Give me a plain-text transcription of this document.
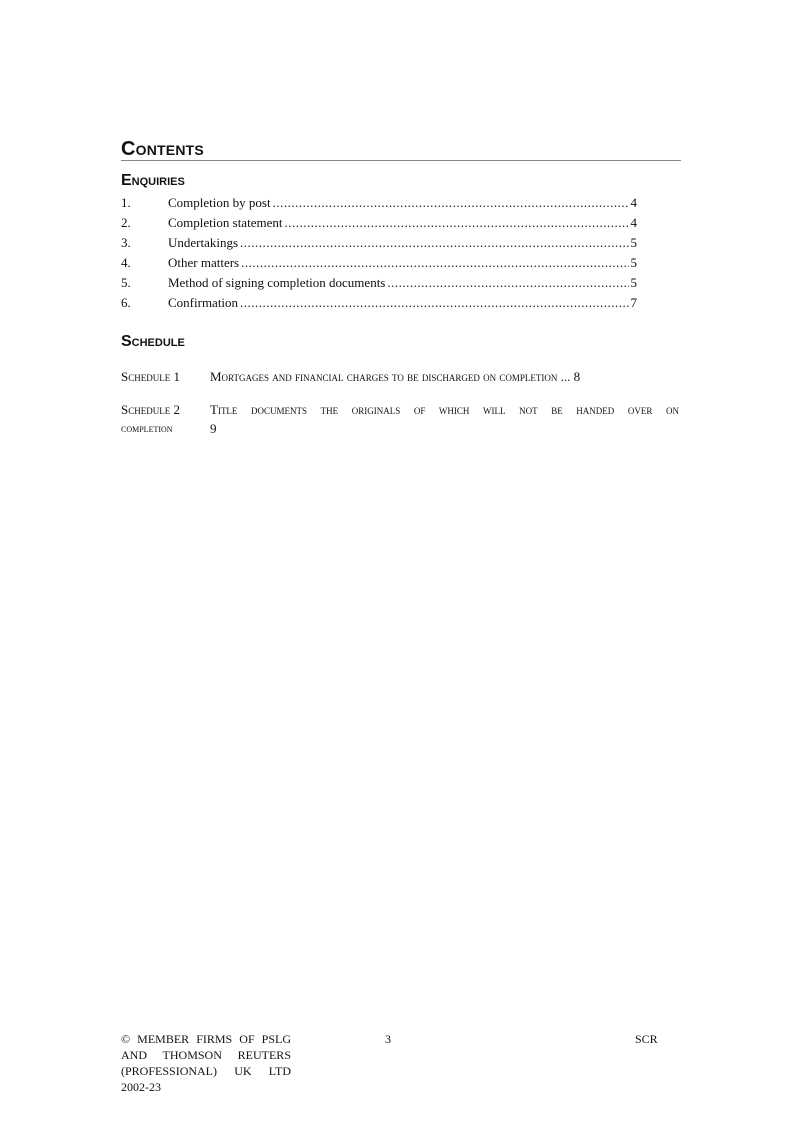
Contents
Enquiries
1.	Completion by post .....	4
2.	Completion statement .....	4
3.	Undertakings .....	5
4.	Other matters .....	5
5.	Method of signing completion documents .....	5
6.	Confirmation .....	7
Schedule
Schedule 1 Mortgages and financial charges to be discharged on completion ... 8
Schedule 2 Title documents the originals of which will not be handed over on
completion	9
© MEMBER FIRMS OF PSLG
AND THOMSON REUTERS
(PROFESSIONAL) UK LTD
2002-23
3	SCR
